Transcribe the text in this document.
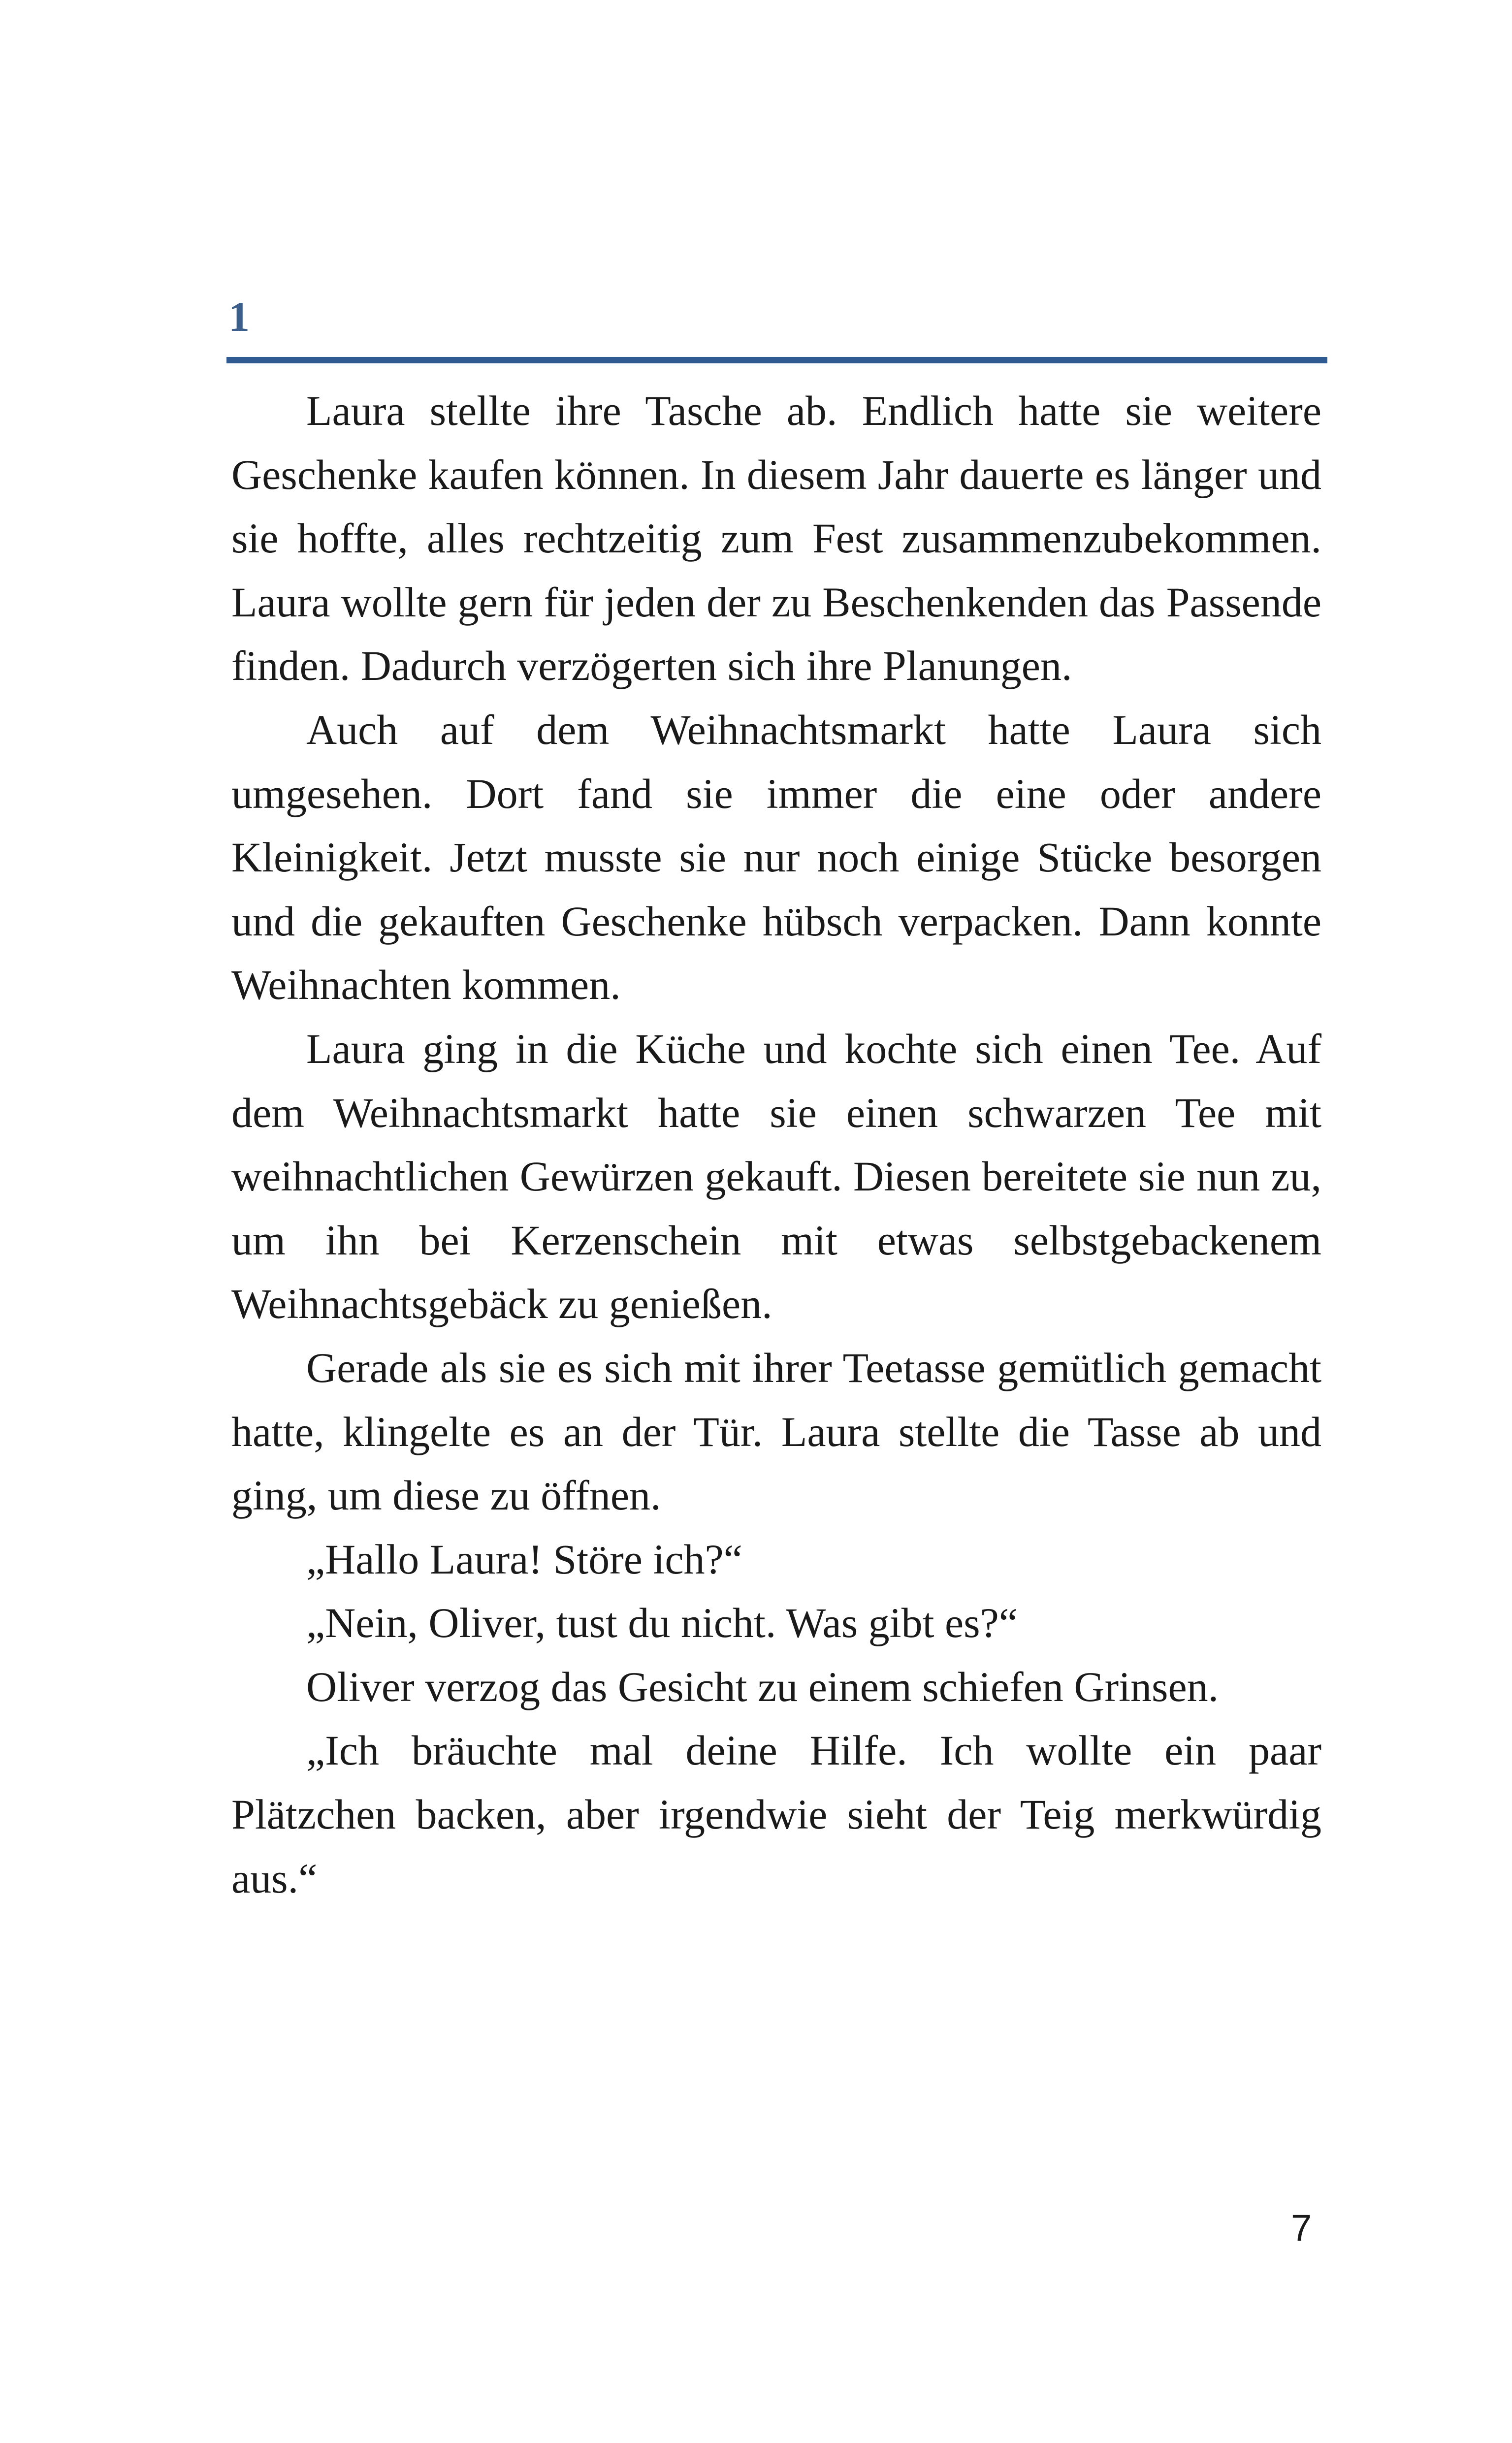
1

Laura stellte ihre Tasche ab. Endlich hatte sie weitere Geschenke kaufen können. In diesem Jahr dauerte es länger und sie hoffte, alles rechtzeitig zum Fest zusammenzubekommen. Laura wollte gern für jeden der zu Beschenkenden das Passende finden. Dadurch verzögerten sich ihre Planungen.

Auch auf dem Weihnachtsmarkt hatte Laura sich umgesehen. Dort fand sie immer die eine oder andere Kleinigkeit. Jetzt musste sie nur noch einige Stücke besorgen und die gekauften Geschenke hübsch verpacken. Dann konnte Weihnachten kommen.

Laura ging in die Küche und kochte sich einen Tee. Auf dem Weihnachtsmarkt hatte sie einen schwarzen Tee mit weihnachtlichen Gewürzen gekauft. Diesen bereitete sie nun zu, um ihn bei Kerzenschein mit etwas selbstgebackenem Weihnachtsgebäck zu genießen.

Gerade als sie es sich mit ihrer Teetasse gemütlich gemacht hatte, klingelte es an der Tür. Laura stellte die Tasse ab und ging, um diese zu öffnen.

„Hallo Laura! Störe ich?“

„Nein, Oliver, tust du nicht. Was gibt es?“

Oliver verzog das Gesicht zu einem schiefen Grinsen.

„Ich bräuchte mal deine Hilfe. Ich wollte ein paar Plätzchen backen, aber irgendwie sieht der Teig merkwürdig aus.“

7
